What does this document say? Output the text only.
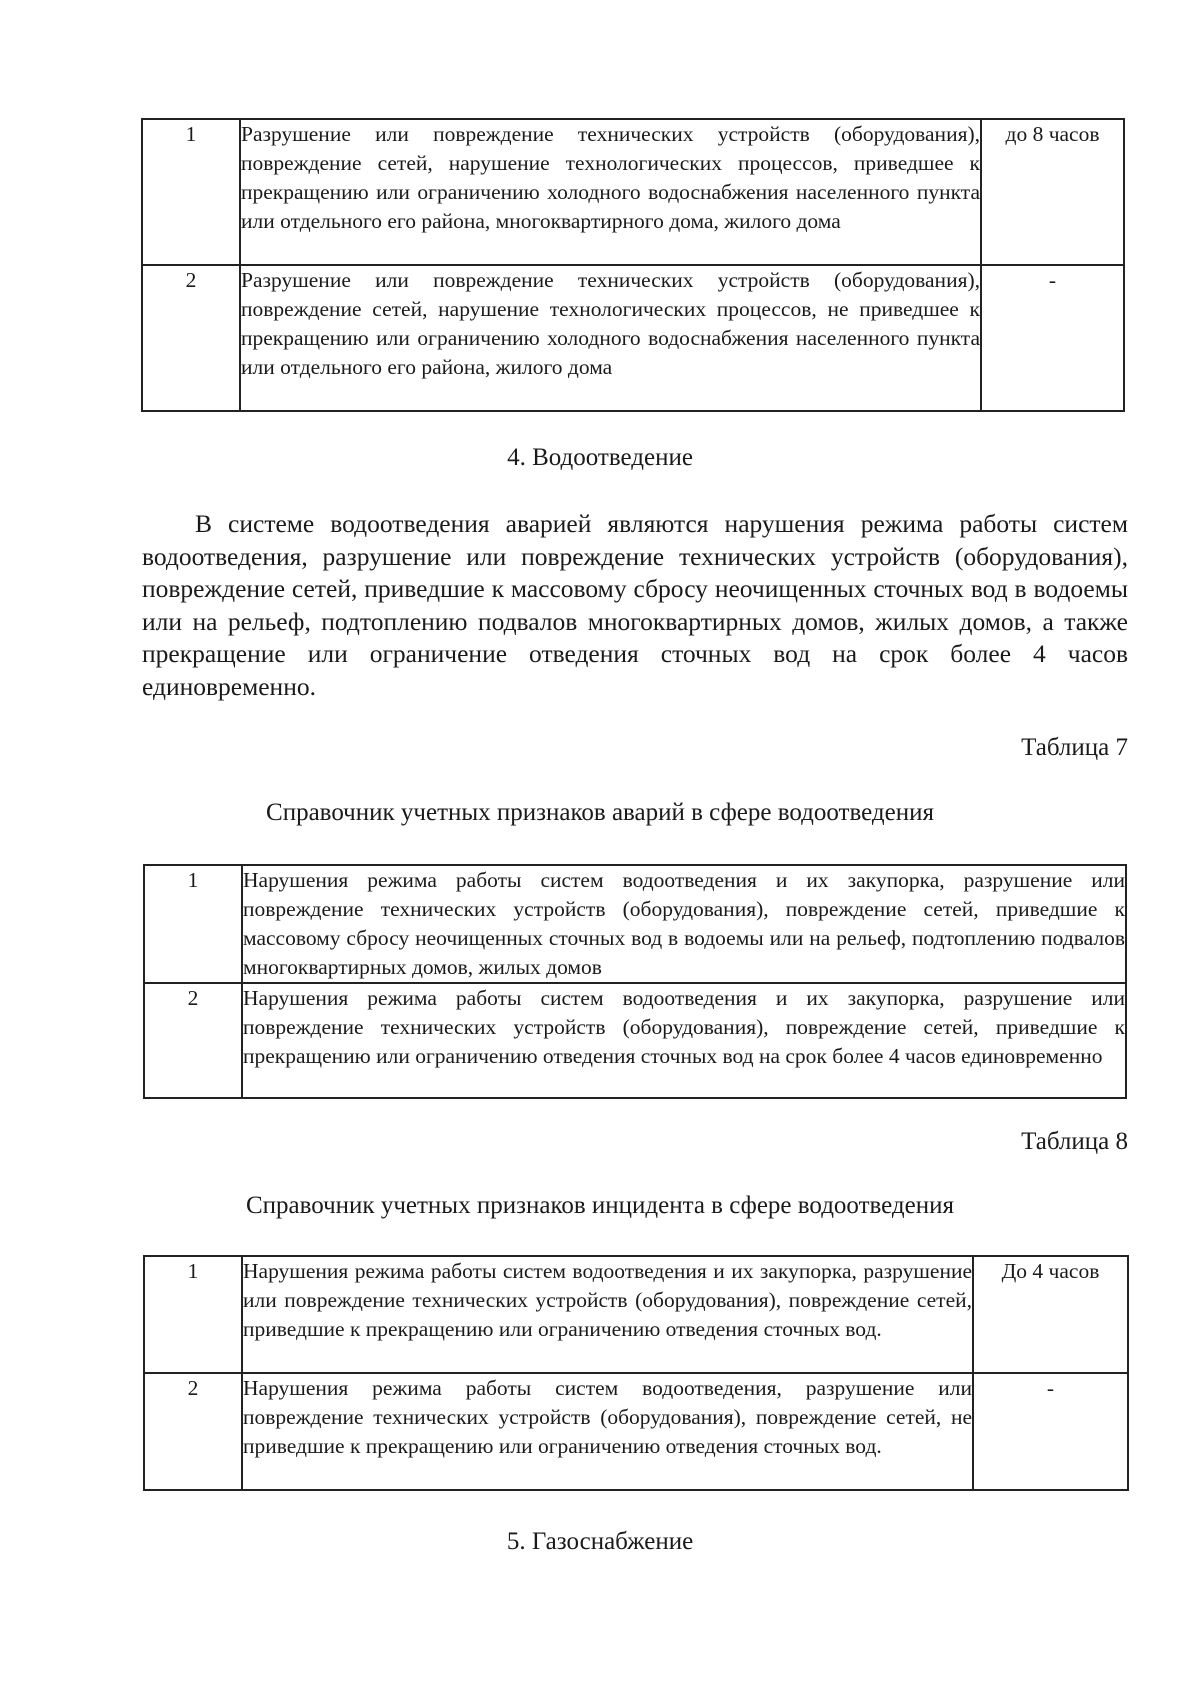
1	Разрушение или повреждение технических устройств (оборудования), повреждение сетей, нарушение технологических процессов, приведшее к прекращению или ограничению холодного водоснабжения населенного пункта или отдельного его района, многоквартирного дома, жилого дома	до 8 часов
2	Разрушение или повреждение технических устройств (оборудования), повреждение сетей, нарушение технологических процессов, не приведшее к прекращению или ограничению холодного водоснабжения населенного пункта или отдельного его района, жилого дома	-
4. Водоотведение
В системе водоотведения аварией являются нарушения режима работы систем водоотведения, разрушение или повреждение технических устройств (оборудования), повреждение сетей, приведшие к массовому сбросу неочищенных сточных вод в водоемы или на рельеф, подтоплению подвалов многоквартирных домов, жилых домов, а также прекращение или ограничение отведения сточных вод на срок более 4 часов единовременно.
Таблица 7
Справочник учетных признаков аварий в сфере водоотведения
1	Нарушения режима работы систем водоотведения и их закупорка, разрушение или повреждение технических устройств (оборудования), повреждение сетей, приведшие к массовому сбросу неочищенных сточных вод в водоемы или на рельеф, подтоплению подвалов многоквартирных домов, жилых домов
2	Нарушения режима работы систем водоотведения и их закупорка, разрушение или повреждение технических устройств (оборудования), повреждение сетей, приведшие к прекращению или ограничению отведения сточных вод на срок более 4 часов единовременно
Таблица 8
Справочник учетных признаков инцидента в сфере водоотведения
1	Нарушения режима работы систем водоотведения и их закупорка, разрушение или повреждение технических устройств (оборудования), повреждение сетей, приведшие к прекращению или ограничению отведения сточных вод.	До 4 часов
2	Нарушения режима работы систем водоотведения, разрушение или повреждение технических устройств (оборудования), повреждение сетей, не приведшие к прекращению или ограничению отведения сточных вод.	-
5. Газоснабжение
